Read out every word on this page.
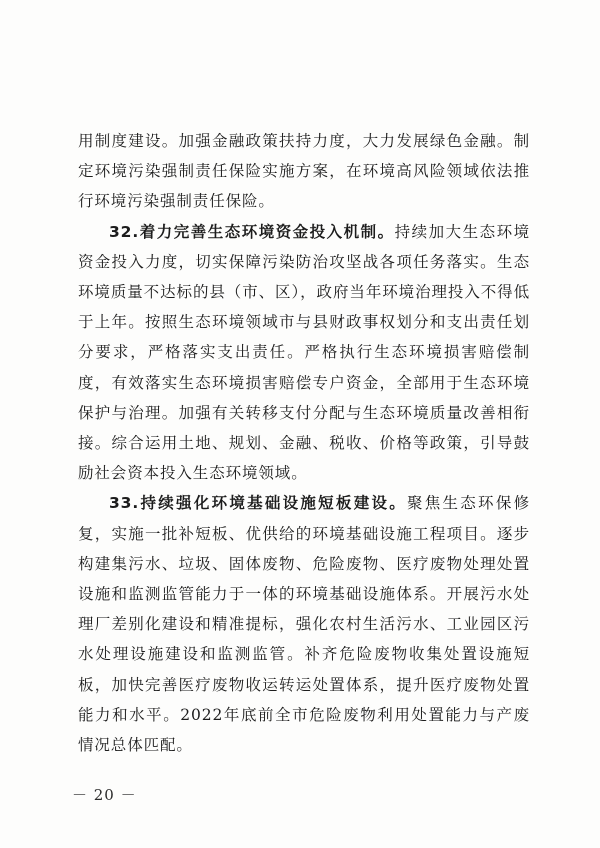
用制度建设。加强金融政策扶持力度，大力发展绿色金融。制定环境污染强制责任保险实施方案，在环境高风险领域依法推行环境污染强制责任保险。

32.着力完善生态环境资金投入机制。持续加大生态环境资金投入力度，切实保障污染防治攻坚战各项任务落实。生态环境质量不达标的县（市、区），政府当年环境治理投入不得低于上年。按照生态环境领域市与县财政事权划分和支出责任划分要求，严格落实支出责任。严格执行生态环境损害赔偿制度，有效落实生态环境损害赔偿专户资金，全部用于生态环境保护与治理。加强有关转移支付分配与生态环境质量改善相衔接。综合运用土地、规划、金融、税收、价格等政策，引导鼓励社会资本投入生态环境领域。

33.持续强化环境基础设施短板建设。聚焦生态环保修复，实施一批补短板、优供给的环境基础设施工程项目。逐步构建集污水、垃圾、固体废物、危险废物、医疗废物处理处置设施和监测监管能力于一体的环境基础设施体系。开展污水处理厂差别化建设和精准提标，强化农村生活污水、工业园区污水处理设施建设和监测监管。补齐危险废物收集处置设施短板，加快完善医疗废物收运转运处置体系，提升医疗废物处置能力和水平。2022年底前全市危险废物利用处置能力与产废情况总体匹配。

－ 20 －
